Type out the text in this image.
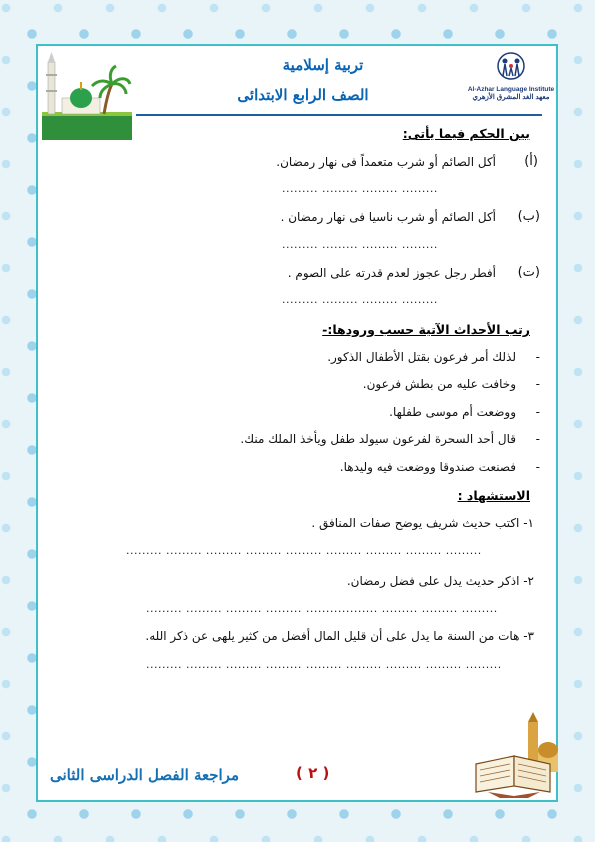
تربية إسلامية
الصف الرابع الابتدائى	Al-Azhar Language Institute
معهد الغد المشرق الأزهري
بين الحكم فيما يأتى:
(أ)
أكل الصائم أو شرب متعمداً فى نهار رمضان.
......... ......... ......... .........
(ب)
أكل الصائم أو شرب ناسيا فى نهار رمضان .
......... ......... ......... .........
(ت)
أفطر رجل عجوز لعدم قدرته على الصوم .
......... ......... ......... .........
رتب الأحداث الآتية حسب ورودها:-
-
لذلك أمر فرعون بقتل الأطفال الذكور.
-
وخافت عليه من بطش فرعون.
-
ووضعت أم موسى طفلها.
-
قال أحد السحرة لفرعون سيولد طفل ويأخذ الملك منك.
-
فصنعت صندوقا ووضعت فيه وليدها.
الاستشهاد :
١- اكتب حديث شريف يوضح صفات المنافق .
......... ......... ......... ......... ......... ......... ......... ......... .........
٢- اذكر حديث يدل على فضل رمضان.
......... ......... ......... ......... .................. ......... ......... .........
٣- هات من السنة ما يدل على أن قليل المال أفضل من كثير يلهى عن ذكر الله.
......... ......... ......... ......... ......... ......... ......... ......... .........
مراجعة الفصل الدراسى الثانى	( ٢ )
